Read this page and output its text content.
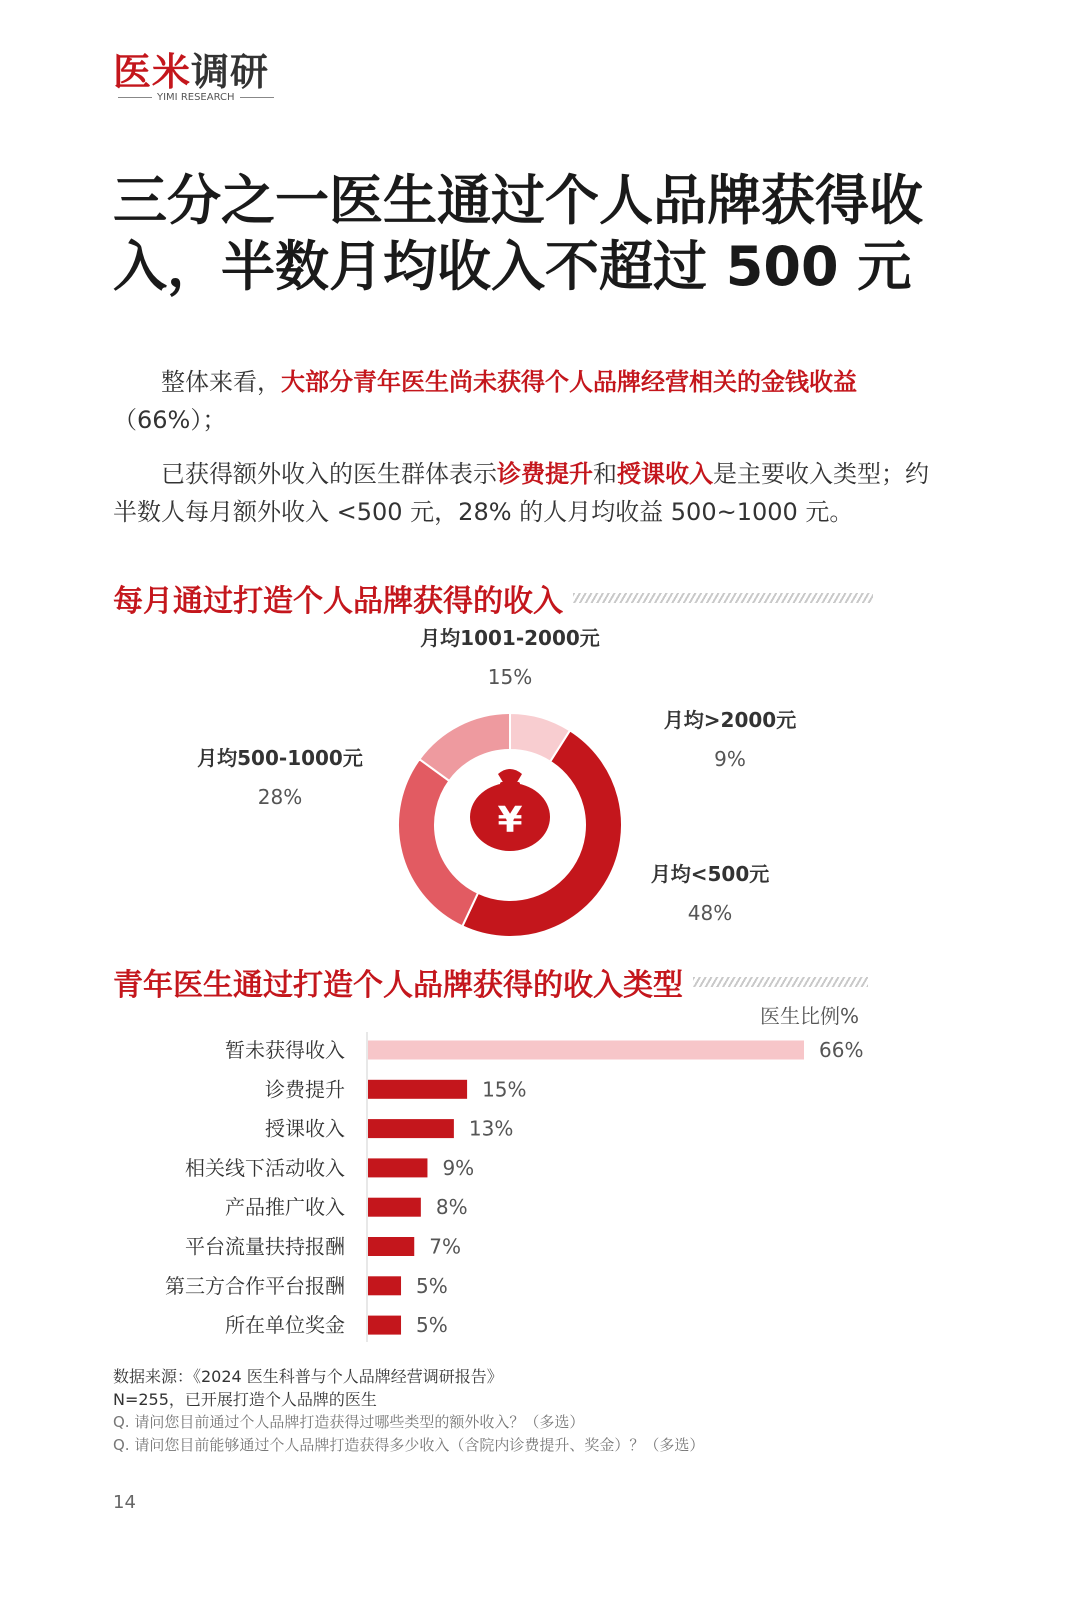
医米调研
YIMI RESEARCH
三分之一医生通过个人品牌获得收入，半数月均收入不超过 500 元

整体来看，大部分青年医生尚未获得个人品牌经营相关的金钱收益（66%）；

已获得额外收入的医生群体表示诊费提升和授课收入是主要收入类型；约半数人每月额外收入 <500 元，28% 的人月均收益 500~1000 元。

每月通过打造个人品牌获得的收入
¥
月均1001-2000元
15%
月均>2000元
9%
月均500-1000元
28%
月均<500元
48%
青年医生通过打造个人品牌获得的收入类型
医生比例%
暂未获得收入	66%
诊费提升	15%
授课收入	13%
相关线下活动收入	9%
产品推广收入	8%
平台流量扶持报酬	7%
第三方合作平台报酬	5%
所在单位奖金	5%
数据来源：《2024 医生科普与个人品牌经营调研报告》
N=255，已开展打造个人品牌的医生
Q. 请问您目前通过个人品牌打造获得过哪些类型的额外收入？（多选）
Q. 请问您目前能够通过个人品牌打造获得多少收入（含院内诊费提升、奖金）？（多选）
14
